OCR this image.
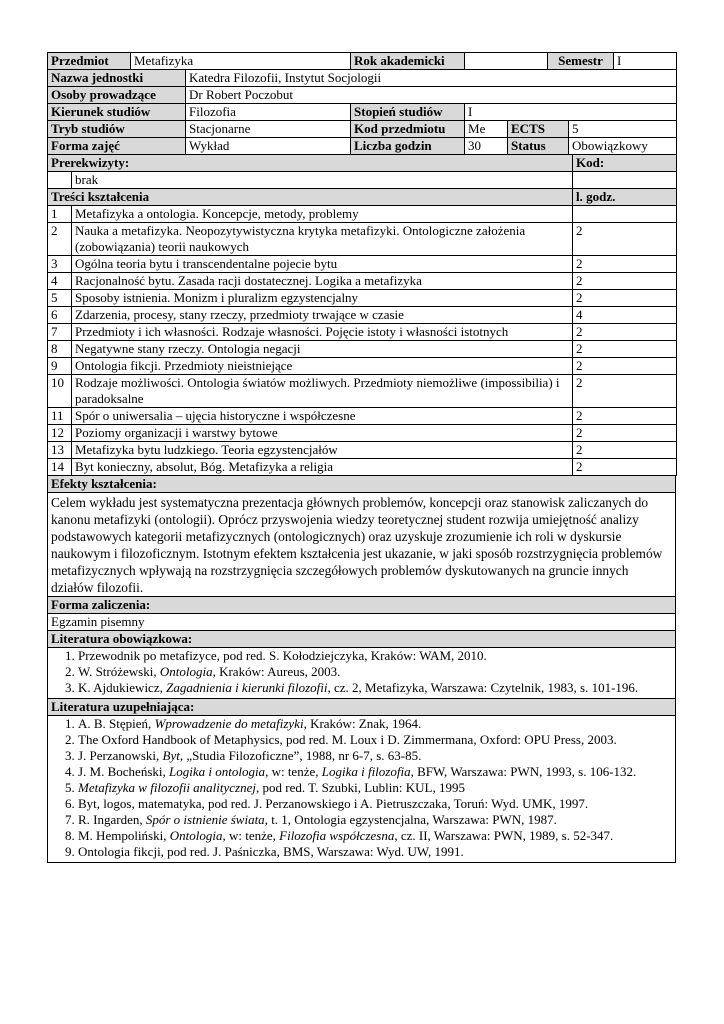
Przedmiot	Metafizyka		Rok akademicki			Semestr		I
Nazwa jednostki		Katedra Filozofii, Instytut Socjologii						
Osoby prowadzące		Dr Robert Poczobut						
Kierunek studiów		Filozofia	Stopień studiów	I				
Tryb studiów		Stacjonarne	Kod przedmiotu	Me	ECTS		5	
Forma zajęć		Wykład	Liczba godzin	30	Status		Obowiązkowy	
Prerekwizyty:		Kod:
	brak	
Treści kształcenia		l. godz.
1	Metafizyka a ontologia. Koncepcje, metody, problemy	
2	Nauka a metafizyka. Neopozytywistyczna krytyka metafizyki. Ontologiczne założenia (zobowiązania) teorii naukowych	2
3	Ogólna teoria bytu i transcendentalne pojecie bytu	2
4	Racjonalność bytu. Zasada racji dostatecznej. Logika a metafizyka	2
5	Sposoby istnienia. Monizm i pluralizm egzystencjalny	2
6	Zdarzenia, procesy, stany rzeczy, przedmioty trwające w czasie	4
7	Przedmioty i ich własności. Rodzaje własności. Pojęcie istoty i własności istotnych	2
8	Negatywne stany rzeczy. Ontologia negacji	2
9	Ontologia fikcji. Przedmioty nieistniejące	2
10	Rodzaje możliwości. Ontologia światów możliwych. Przedmioty niemożliwe (impossibilia) i paradoksalne	2
11	Spór o uniwersalia – ujęcia historyczne i współczesne	2
12	Poziomy organizacji i warstwy bytowe	2
13	Metafizyka bytu ludzkiego. Teoria egzystencjałów	2
14	Byt konieczny, absolut, Bóg. Metafizyka a religia	2
Efekty kształcenia:
Celem wykładu jest systematyczna prezentacja głównych problemów, koncepcji oraz stanowisk zaliczanych do kanonu metafizyki (ontologii). Oprócz przyswojenia wiedzy teoretycznej student rozwija umiejętność analizy podstawowych kategorii metafizycznych (ontologicznych) oraz uzyskuje zrozumienie ich roli w dyskursie naukowym i filozoficznym. Istotnym efektem kształcenia jest ukazanie, w jaki sposób rozstrzygnięcia problemów metafizycznych wpływają na rozstrzygnięcia szczegółowych problemów dyskutowanych na gruncie innych działów filozofii.
Forma zaliczenia:
Egzamin pisemny
Literatura obowiązkowa:

1. Przewodnik po metafizyce, pod red. S. Kołodziejczyka, Kraków: WAM, 2010.
2. W. Stróżewski, Ontologia, Kraków: Aureus, 2003.
3. K. Ajdukiewicz, Zagadnienia i kierunki filozofii, cz. 2, Metafizyka, Warszawa: Czytelnik, 1983, s. 101-196.

Literatura uzupełniająca:

1. A. B. Stępień, Wprowadzenie do metafizyki, Kraków: Znak, 1964.
2. The Oxford Handbook of Metaphysics, pod red. M. Loux i D. Zimmermana, Oxford: OPU Press, 2003.
3. J. Perzanowski, Byt, „Studia Filozoficzne”, 1988, nr 6-7, s. 63-85.
4. J. M. Bocheński, Logika i ontologia, w: tenże, Logika i filozofia, BFW, Warszawa: PWN, 1993, s. 106-132.
5. Metafizyka w filozofii analitycznej, pod red. T. Szubki, Lublin: KUL, 1995
6. Byt, logos, matematyka, pod red. J. Perzanowskiego i A. Pietruszczaka, Toruń: Wyd. UMK, 1997.
7. R. Ingarden, Spór o istnienie świata, t. 1, Ontologia egzystencjalna, Warszawa: PWN, 1987.
8. M. Hempoliński, Ontologia, w: tenże, Filozofia współczesna, cz. II, Warszawa: PWN, 1989, s. 52-347.
9. Ontologia fikcji, pod red. J. Paśniczka, BMS, Warszawa: Wyd. UW, 1991.
